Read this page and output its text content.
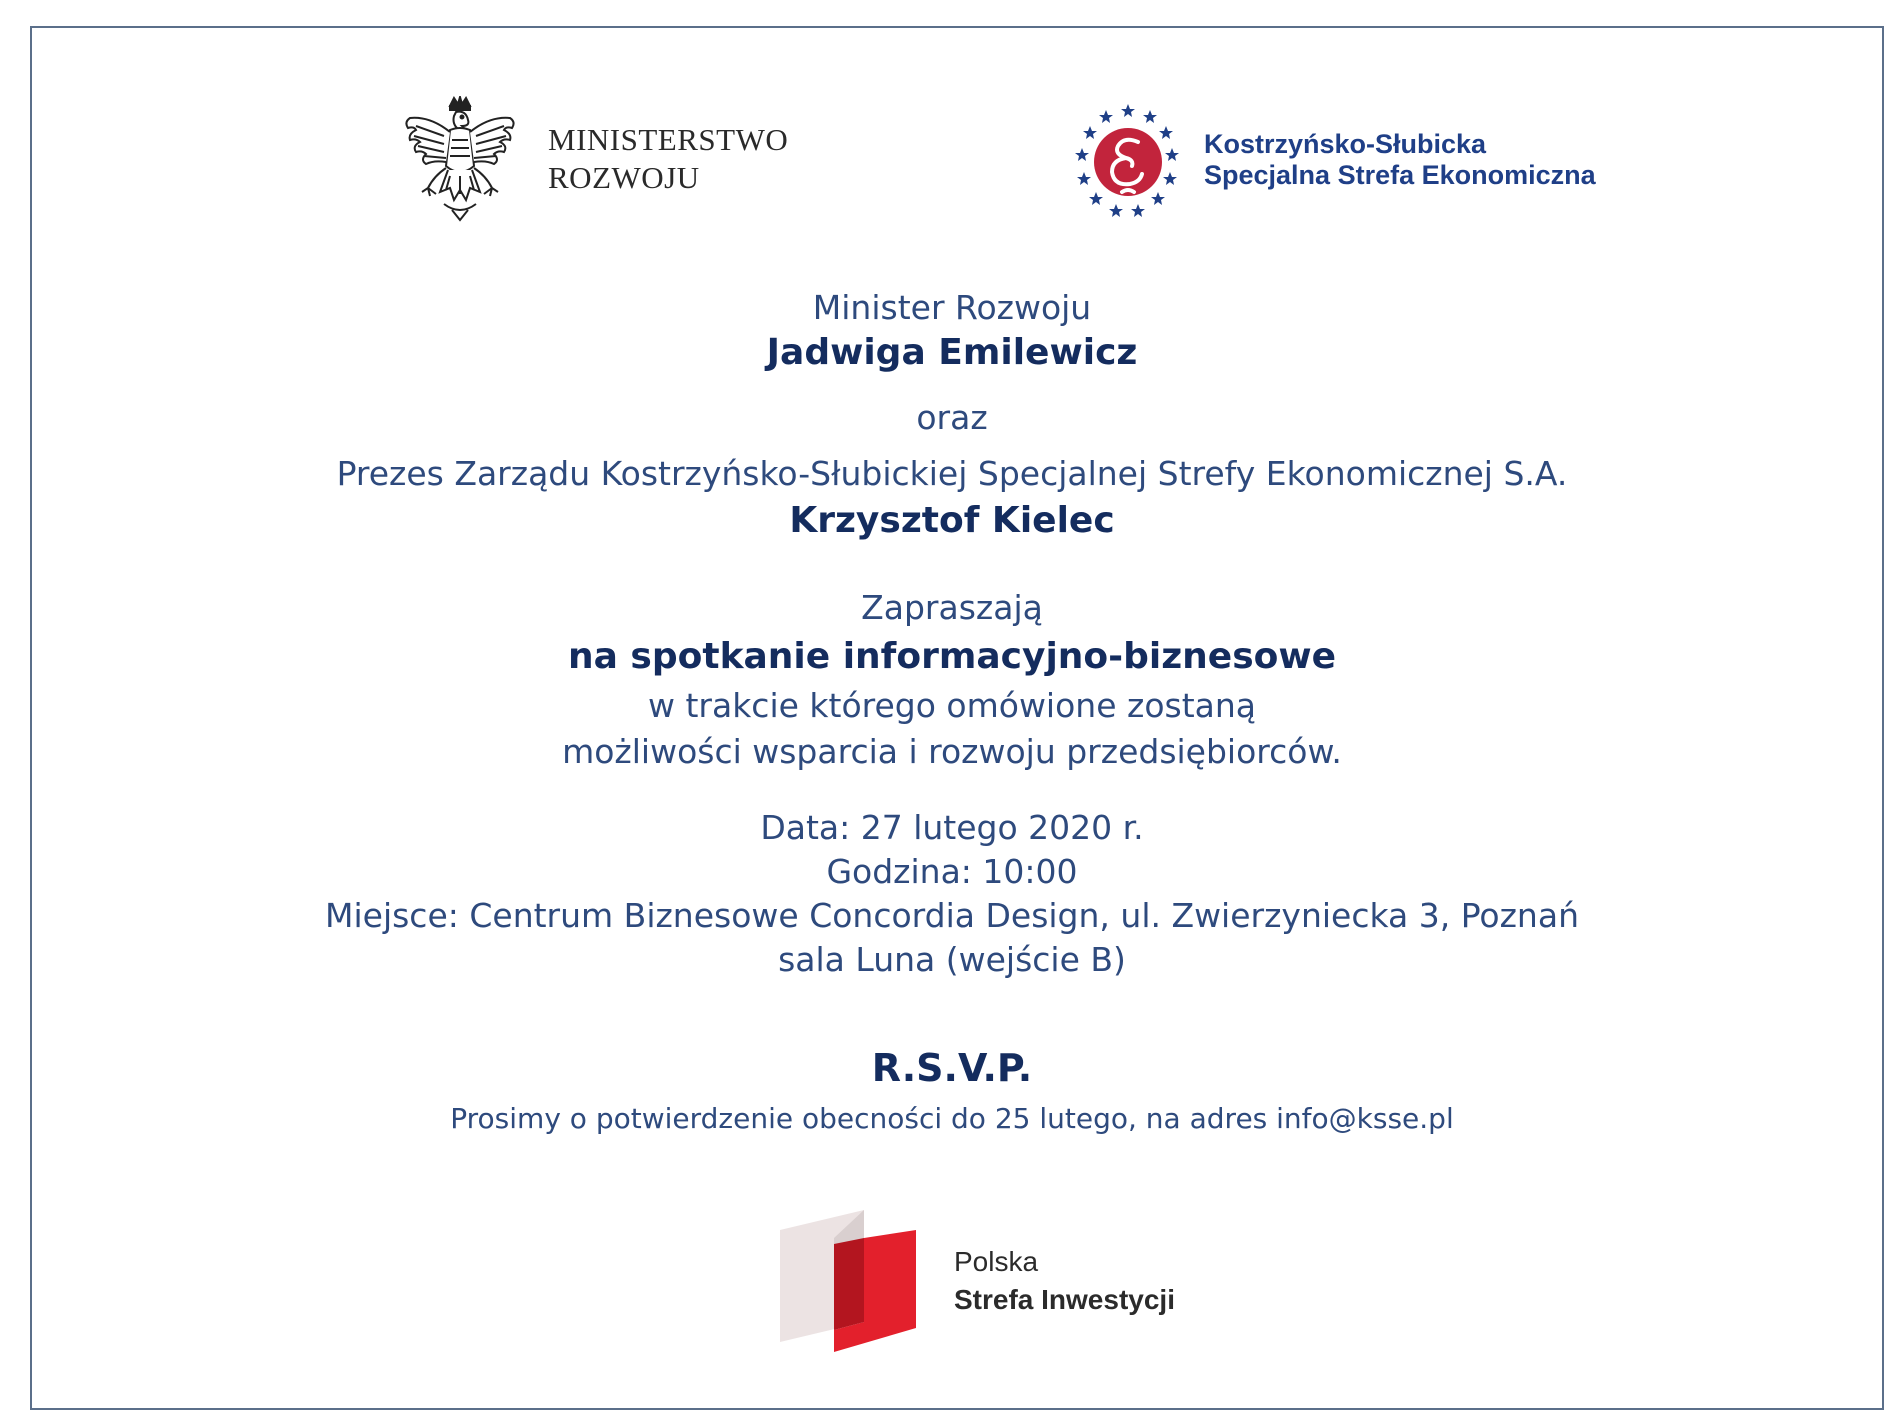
MINISTERSTWO
ROZWOJU
Kostrzyńsko-Słubicka
Specjalna Strefa Ekonomiczna
Minister Rozwoju
Jadwiga Emilewicz
oraz
Prezes Zarządu Kostrzyńsko-Słubickiej Specjalnej Strefy Ekonomicznej S.A.
Krzysztof Kielec
Zapraszają
na spotkanie informacyjno-biznesowe
w trakcie którego omówione zostaną
możliwości wsparcia i rozwoju przedsiębiorców.
Data: 27 lutego 2020 r.
Godzina: 10:00
Miejsce: Centrum Biznesowe Concordia Design, ul. Zwierzyniecka 3, Poznań
sala Luna (wejście B)
R.S.V.P.
Prosimy o potwierdzenie obecności do 25 lutego, na adres info@ksse.pl
Polska
Strefa Inwestycji
